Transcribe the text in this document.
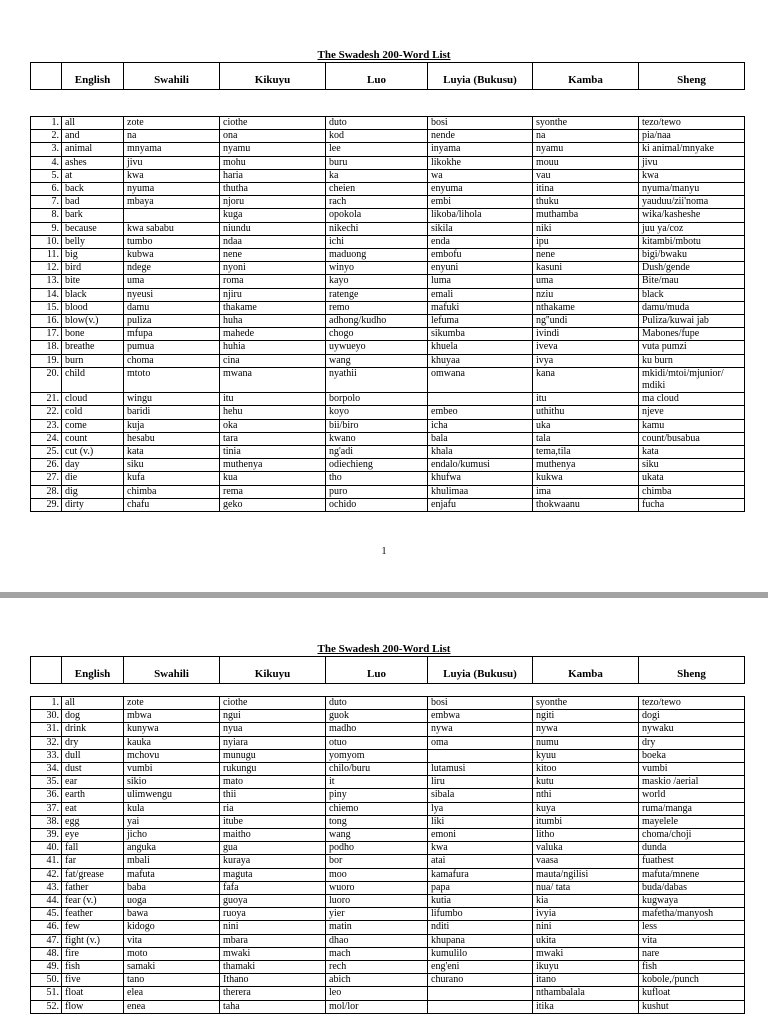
The Swadesh 200-Word List
	English	Swahili	Kikuyu	Luo	Luyia (Bukusu)	Kamba	Sheng
1.	all	zote	ciothe	duto	bosi	syonthe	tezo/tewo
2.	and	na	ona	kod	nende	na	pia/naa
3.	animal	mnyama	nyamu	lee	inyama	nyamu	ki animal/mnyake
4.	ashes	jivu	mohu	buru	likokhe	mouu	jivu
5.	at	kwa	haria	ka	wa	vau	kwa
6.	back	nyuma	thutha	cheien	enyuma	itina	nyuma/manyu
7.	bad	mbaya	njoru	rach	embi	thuku	yauduu/zii'noma
8.	bark		kuga	opokola	likoba/lihola	muthamba	wika/kasheshe
9.	because	kwa sababu	niundu	nikechi	sikila	niki	juu ya/coz
10.	belly	tumbo	ndaa	ichi	enda	ipu	kitambi/mbotu
11.	big	kubwa	nene	maduong	embofu	nene	bigi/bwaku
12.	bird	ndege	nyoni	winyo	enyuni	kasuni	Dush/gende
13.	bite	uma	roma	kayo	luma	uma	Bite/mau
14.	black	nyeusi	njiru	ratenge	emali	nziu	black
15.	blood	damu	thakame	remo	mafuki	nthakame	damu/muda
16.	blow(v.)	puliza	huha	adhong/kudho	lefuma	ng''undi	Puliza/kuwai jab
17.	bone	mfupa	mahede	chogo	sikumba	ivindi	Mabones/fupe
18.	breathe	pumua	huhia	uywueyo	khuela	iveva	vuta pumzi
19.	burn	choma	cina	wang	khuyaa	ivya	ku burn
20.	child	mtoto	mwana	nyathii	omwana	kana	mkidi/mtoi/mjunior/ mdiki
21.	cloud	wingu	itu	borpolo		itu	ma cloud
22.	cold	baridi	hehu	koyo	embeo	uthithu	njeve
23.	come	kuja	oka	bii/biro	icha	uka	kamu
24.	count	hesabu	tara	kwano	bala	tala	count/busabua
25.	cut (v.)	kata	tinia	ng'adi	khala	tema,tila	kata
26.	day	siku	muthenya	odiechieng	endalo/kumusi	muthenya	siku
27.	die	kufa	kua	tho	khufwa	kukwa	ukata
28.	dig	chimba	rema	puro	khulimaa	ima	chimba
29.	dirty	chafu	geko	ochido	enjafu	thokwaanu	fucha
1
The Swadesh 200-Word List
	English	Swahili	Kikuyu	Luo	Luyia (Bukusu)	Kamba	Sheng
1.	all	zote	ciothe	duto	bosi	syonthe	tezo/tewo
30.	dog	mbwa	ngui	guok	embwa	ngiti	dogi
31.	drink	kunywa	nyua	madho	nywa	nywa	nywaku
32.	dry	kauka	nyiara	otuo	oma	numu	dry
33.	dull	mchovu	munugu	yomyom		kyuu	boeka
34.	dust	vumbi	rukungu	chilo/buru	lutamusi	kitoo	vumbi
35.	ear	sikio	mato	it	liru	kutu	maskio /aerial
36.	earth	ulimwengu	thii	piny	sibala	nthi	world
37.	eat	kula	ria	chiemo	lya	kuya	ruma/manga
38.	egg	yai	itube	tong	liki	itumbi	mayelele
39.	eye	jicho	maitho	wang	emoni	litho	choma/choji
40.	fall	anguka	gua	podho	kwa	valuka	dunda
41.	far	mbali	kuraya	bor	atai	vaasa	fuathest
42.	fat/grease	mafuta	maguta	moo	kamafura	mauta/ngilisi	mafuta/mnene
43.	father	baba	fafa	wuoro	papa	nua/ tata	buda/dabas
44.	fear (v.)	uoga	guoya	luoro	kutia	kia	kugwaya
45.	feather	bawa	ruoya	yier	lifumbo	ivyia	mafetha/manyosh
46.	few	kidogo	nini	matin	nditi	nini	less
47.	fight (v.)	vita	mbara	dhao	khupana	ukita	vita
48.	fire	moto	mwaki	mach	kumulilo	mwaki	nare
49.	fish	samaki	thamaki	rech	eng'eni	ikuyu	fish
50.	five	tano	Ithano	abich	churano	itano	kobole,/punch
51.	float	elea	therera	leo		nthambalala	kufloat
52.	flow	enea	taha	mol/lor		itika	kushut
